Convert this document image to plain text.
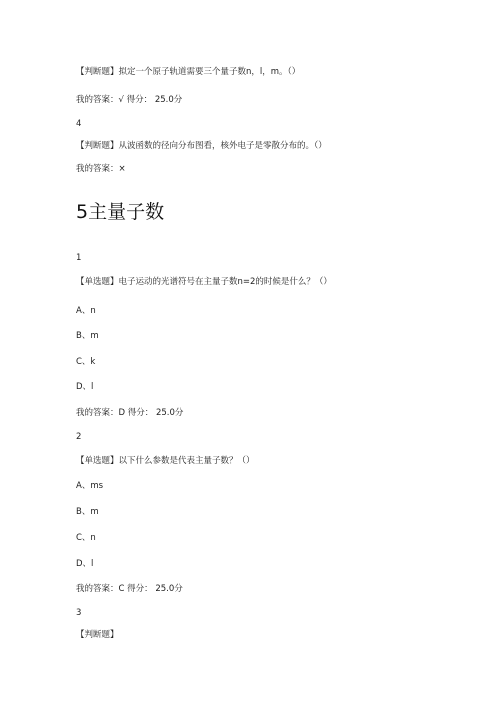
【判断题】拟定一个原子轨道需要三个量子数n，l，m。（）
我的答案：√ 得分： 25.0分
4
【判断题】从波函数的径向分布图看，核外电子是零散分布的。（）
我的答案：×
5主量子数
1
【单选题】电子运动的光谱符号在主量子数n=2的时候是什么？（）
A、n
B、m
C、k
D、l
我的答案：D 得分： 25.0分
2
【单选题】以下什么参数是代表主量子数？（）
A、ms
B、m
C、n
D、l
我的答案：C 得分： 25.0分
3
【判断题】
